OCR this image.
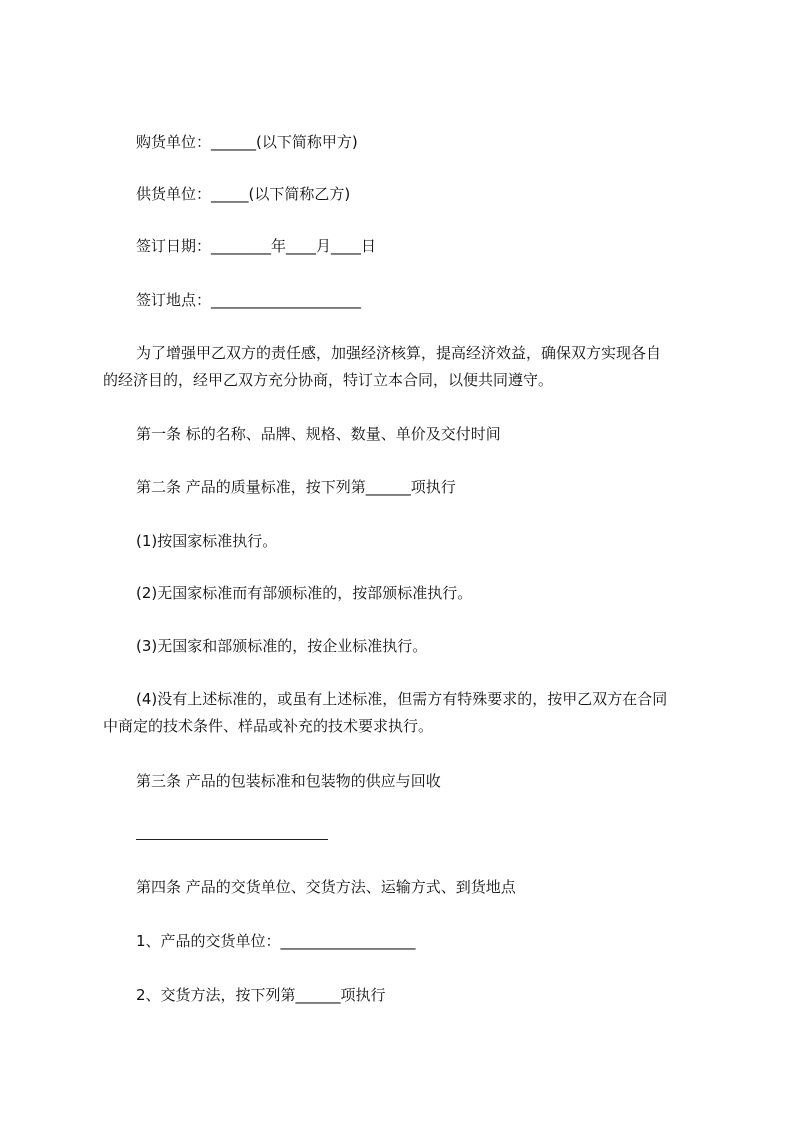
购货单位：______(以下简称甲方)

供货单位：_____(以下简称乙方)

签订日期：________年____月____日

签订地点：____________________

为了增强甲乙双方的责任感，加强经济核算，提高经济效益，确保双方实现各自
的经济目的，经甲乙双方充分协商，特订立本合同，以便共同遵守。

第一条 标的名称、品牌、规格、数量、单价及交付时间

第二条 产品的质量标准，按下列第______项执行

(1)按国家标准执行。

(2)无国家标准而有部颁标准的，按部颁标准执行。

(3)无国家和部颁标准的，按企业标准执行。

(4)没有上述标准的，或虽有上述标准，但需方有特殊要求的，按甲乙双方在合同
中商定的技术条件、样品或补充的技术要求执行。

第三条 产品的包装标准和包装物的供应与回收

第四条 产品的交货单位、交货方法、运输方式、到货地点

1、产品的交货单位：__________________

2、交货方法，按下列第______项执行
